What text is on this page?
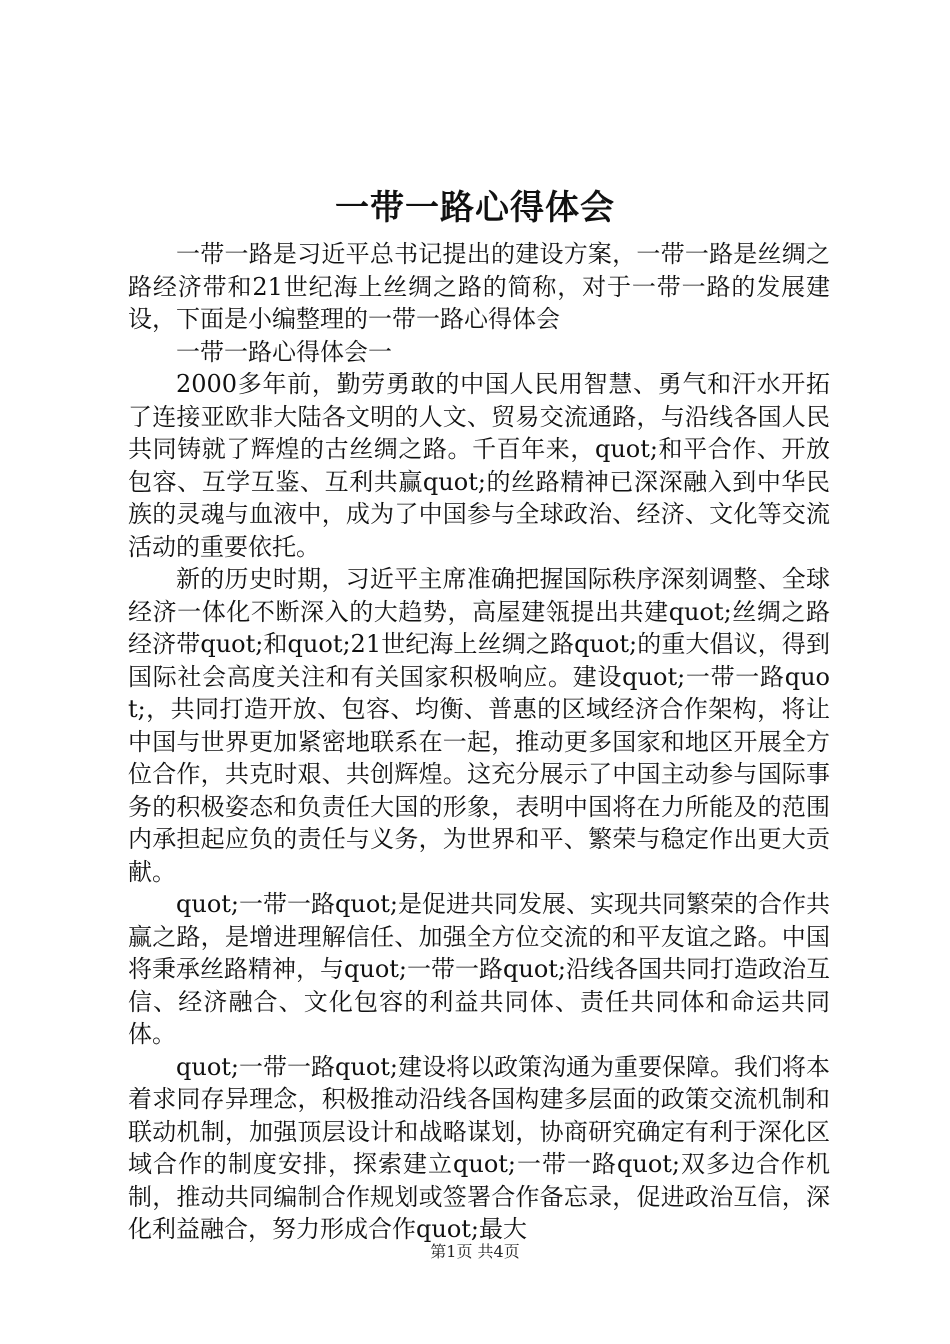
一带一路心得体会

一带一路是习近平总书记提出的建设方案，一带一路是丝绸之路经济带和21世纪海上丝绸之路的简称，对于一带一路的发展建设，下面是小编整理的一带一路心得体会

一带一路心得体会一

2000多年前，勤劳勇敢的中国人民用智慧、勇气和汗水开拓了连接亚欧非大陆各文明的人文、贸易交流通路，与沿线各国人民共同铸就了辉煌的古丝绸之路。千百年来，quot;和平合作、开放包容、互学互鉴、互利共赢quot;的丝路精神已深深融入到中华民族的灵魂与血液中，成为了中国参与全球政治、经济、文化等交流活动的重要依托。

新的历史时期，习近平主席准确把握国际秩序深刻调整、全球经济一体化不断深入的大趋势，高屋建瓴提出共建quot;丝绸之路经济带quot;和quot;21世纪海上丝绸之路quot;的重大倡议，得到国际社会高度关注和有关国家积极响应。建设quot;一带一路quot;，共同打造开放、包容、均衡、普惠的区域经济合作架构，将让中国与世界更加紧密地联系在一起，推动更多国家和地区开展全方位合作，共克时艰、共创辉煌。这充分展示了中国主动参与国际事务的积极姿态和负责任大国的形象，表明中国将在力所能及的范围内承担起应负的责任与义务，为世界和平、繁荣与稳定作出更大贡献。

quot;一带一路quot;是促进共同发展、实现共同繁荣的合作共赢之路，是增进理解信任、加强全方位交流的和平友谊之路。中国将秉承丝路精神，与quot;一带一路quot;沿线各国共同打造政治互信、经济融合、文化包容的利益共同体、责任共同体和命运共同体。

quot;一带一路quot;建设将以政策沟通为重要保障。我们将本着求同存异理念，积极推动沿线各国构建多层面的政策交流机制和联动机制，加强顶层设计和战略谋划，协商研究确定有利于深化区域合作的制度安排，探索建立quot;一带一路quot;双多边合作机制，推动共同编制合作规划或签署合作备忘录，促进政治互信，深化利益融合，努力形成合作quot;最大

第1页 共4页
